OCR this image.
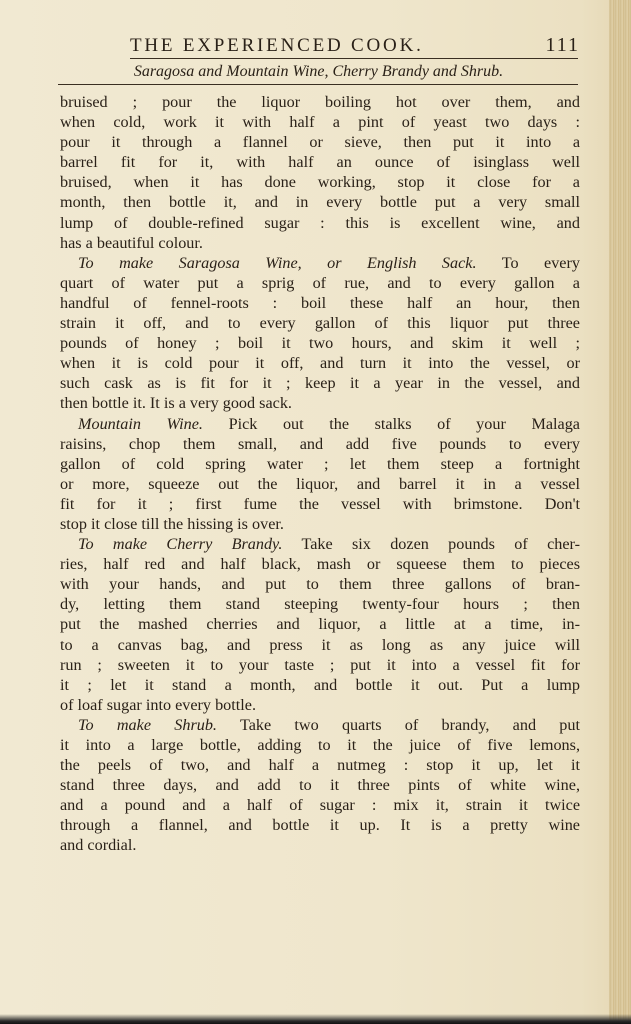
THE EXPERIENCED COOK.	111
Saragosa and Mountain Wine, Cherry Brandy and Shrub.
bruised ; pour the liquor boiling hot over them, and
when cold, work it with half a pint of yeast two days :
pour it through a flannel or sieve, then put it into a
barrel fit for it, with half an ounce of isinglass well
bruised, when it has done working, stop it close for a
month, then bottle it, and in every bottle put a very small
lump of double-refined sugar : this is excellent wine, and
has a beautiful colour.
To make Saragosa Wine, or English Sack. To every
quart of water put a sprig of rue, and to every gallon a
handful of fennel-roots : boil these half an hour, then
strain it off, and to every gallon of this liquor put three
pounds of honey ; boil it two hours, and skim it well ;
when it is cold pour it off, and turn it into the vessel, or
such cask as is fit for it ; keep it a year in the vessel, and
then bottle it. It is a very good sack.
Mountain Wine. Pick out the stalks of your Malaga
raisins, chop them small, and add five pounds to every
gallon of cold spring water ; let them steep a fortnight
or more, squeeze out the liquor, and barrel it in a vessel
fit for it ; first fume the vessel with brimstone. Don't
stop it close till the hissing is over.
To make Cherry Brandy. Take six dozen pounds of cher-
ries, half red and half black, mash or squeese them to pieces
with your hands, and put to them three gallons of bran-
dy, letting them stand steeping twenty-four hours ; then
put the mashed cherries and liquor, a little at a time, in-
to a canvas bag, and press it as long as any juice will
run ; sweeten it to your taste ; put it into a vessel fit for
it ; let it stand a month, and bottle it out. Put a lump
of loaf sugar into every bottle.
To make Shrub. Take two quarts of brandy, and put
it into a large bottle, adding to it the juice of five lemons,
the peels of two, and half a nutmeg : stop it up, let it
stand three days, and add to it three pints of white wine,
and a pound and a half of sugar : mix it, strain it twice
through a flannel, and bottle it up. It is a pretty wine
and cordial.
